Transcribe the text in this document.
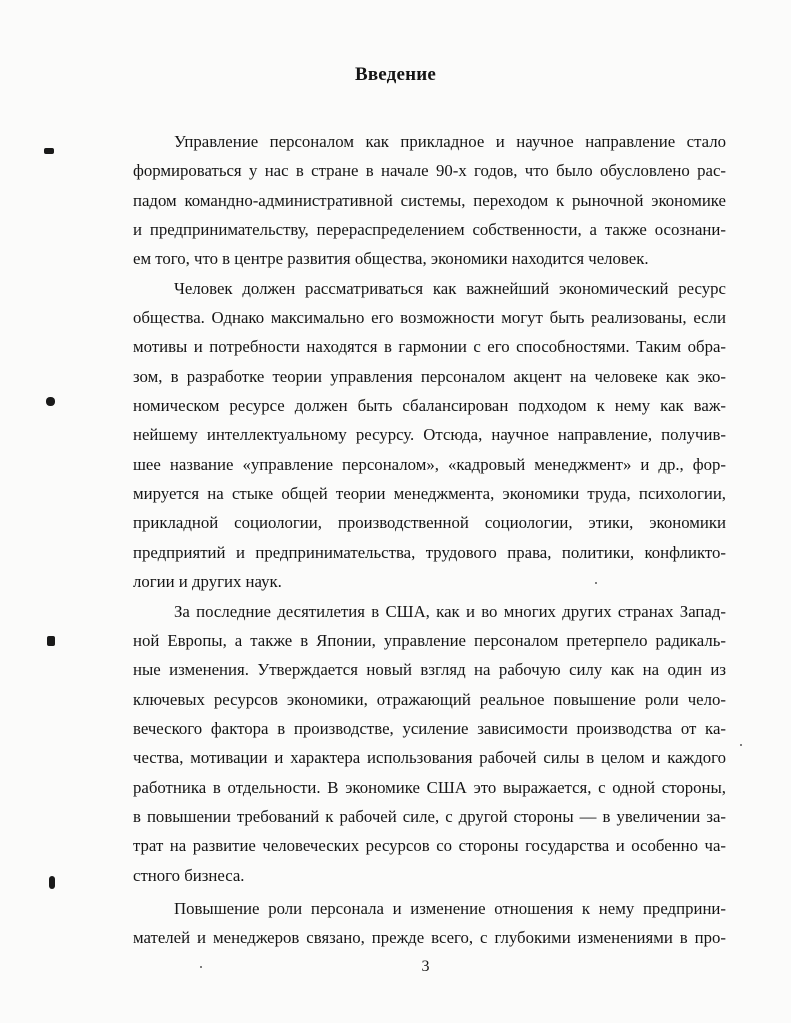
Введение

Управление персоналом как прикладное и научное направление стало
формироваться у нас в стране в начале 90-х годов, что было обусловлено рас-
падом командно-административной системы, переходом к рыночной экономике
и предпринимательству, перераспределением собственности, а также осознани-
ем того, что в центре развития общества, экономики находится человек.

Человек должен рассматриваться как важнейший экономический ресурс
общества. Однако максимально его возможности могут быть реализованы, если
мотивы и потребности находятся в гармонии с его способностями. Таким обра-
зом, в разработке теории управления персоналом акцент на человеке как эко-
номическом ресурсе должен быть сбалансирован подходом к нему как важ-
нейшему интеллектуальному ресурсу. Отсюда, научное направление, получив-
шее название «управление персоналом», «кадровый менеджмент» и др., фор-
мируется на стыке общей теории менеджмента, экономики труда, психологии,
прикладной социологии, производственной социологии, этики, экономики
предприятий и предпринимательства, трудового права, политики, конфликто-
логии и других наук.

За последние десятилетия в США, как и во многих других странах Запад-
ной Европы, а также в Японии, управление персоналом претерпело радикаль-
ные изменения. Утверждается новый взгляд на рабочую силу как на один из
ключевых ресурсов экономики, отражающий реальное повышение роли чело-
веческого фактора в производстве, усиление зависимости производства от ка-
чества, мотивации и характера использования рабочей силы в целом и каждого
работника в отдельности. В экономике США это выражается, с одной стороны,
в повышении требований к рабочей силе, с другой стороны — в увеличении за-
трат на развитие человеческих ресурсов со стороны государства и особенно ча-
стного бизнеса.

Повышение роли персонала и изменение отношения к нему предприни-
мателей и менеджеров связано, прежде всего, с глубокими изменениями в про-

3
